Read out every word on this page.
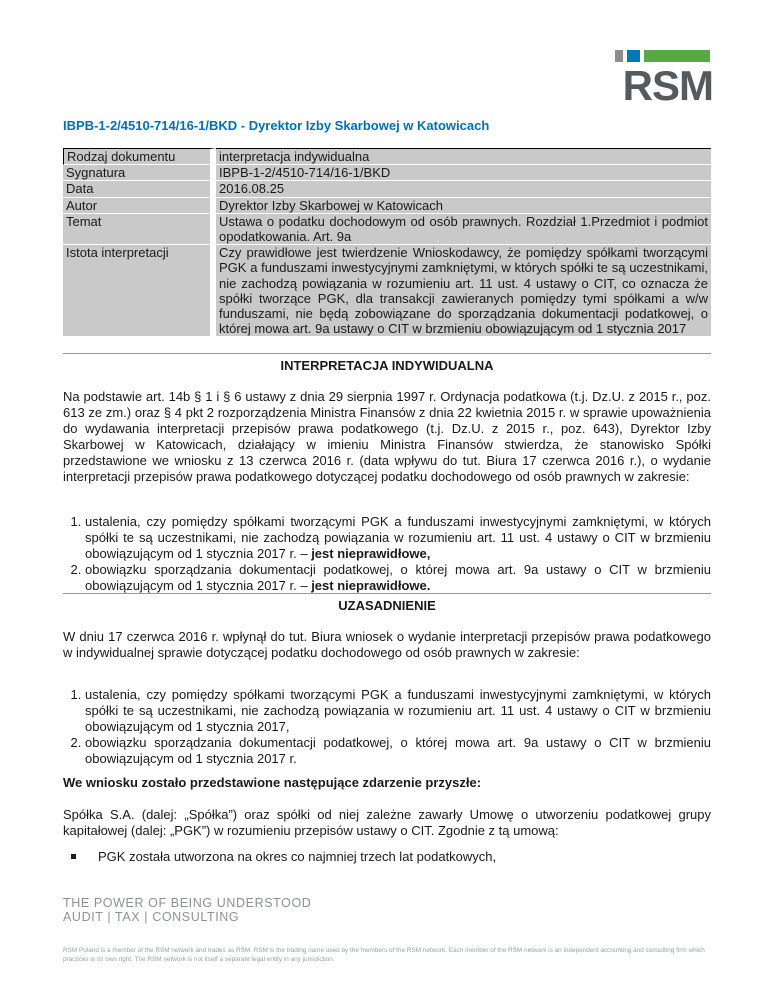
RSM
IBPB-1-2/4510-714/16-1/BKD - Dyrektor Izby Skarbowej w Katowicach
Rodzaj dokumentu	interpretacja indywidualna
Sygnatura	IBPB-1-2/4510-714/16-1/BKD
Data	2016.08.25
Autor	Dyrektor Izby Skarbowej w Katowicach
Temat	Ustawa o podatku dochodowym od osób prawnych. Rozdział 1.Przedmiot i podmiot opodatkowania. Art. 9a
Istota interpretacji	Czy prawidłowe jest twierdzenie Wnioskodawcy, że pomiędzy spółkami tworzącymi PGK a funduszami inwestycyjnymi zamkniętymi, w których spółki te są uczestnikami, nie zachodzą powiązania w rozumieniu art. 11 ust. 4 ustawy o CIT, co oznacza że spółki tworzące PGK, dla transakcji zawieranych pomiędzy tymi spółkami a w/w funduszami, nie będą zobowiązane do sporządzania dokumentacji podatkowej, o której mowa art. 9a ustawy o CIT w brzmieniu obowiązującym od 1 stycznia 2017
INTERPRETACJA INDYWIDUALNA
Na podstawie art. 14b § 1 i § 6 ustawy z dnia 29 sierpnia 1997 r. Ordynacja podatkowa (t.j. Dz.U. z 2015 r., poz. 613 ze zm.) oraz § 4 pkt 2 rozporządzenia Ministra Finansów z dnia 22 kwietnia 2015 r. w sprawie upoważnienia do wydawania interpretacji przepisów prawa podatkowego (t.j. Dz.U. z 2015 r., poz. 643), Dyrektor Izby Skarbowej w Katowicach, działający w imieniu Ministra Finansów stwierdza, że stanowisko Spółki przedstawione we wniosku z 13 czerwca 2016 r. (data wpływu do tut. Biura 17 czerwca 2016 r.), o wydanie interpretacji przepisów prawa podatkowego dotyczącej podatku dochodowego od osób prawnych w zakresie:
1. ustalenia, czy pomiędzy spółkami tworzącymi PGK a funduszami inwestycyjnymi zamkniętymi, w których spółki te są uczestnikami, nie zachodzą powiązania w rozumieniu art. 11 ust. 4 ustawy o CIT w brzmieniu obowiązującym od 1 stycznia 2017 r. – jest nieprawidłowe,
2. obowiązku sporządzania dokumentacji podatkowej, o której mowa art. 9a ustawy o CIT w brzmieniu obowiązującym od 1 stycznia 2017 r. – jest nieprawidłowe.
UZASADNIENIE
W dniu 17 czerwca 2016 r. wpłynął do tut. Biura wniosek o wydanie interpretacji przepisów prawa podatkowego w indywidualnej sprawie dotyczącej podatku dochodowego od osób prawnych w zakresie:
1. ustalenia, czy pomiędzy spółkami tworzącymi PGK a funduszami inwestycyjnymi zamkniętymi, w których spółki te są uczestnikami, nie zachodzą powiązania w rozumieniu art. 11 ust. 4 ustawy o CIT w brzmieniu obowiązującym od 1 stycznia 2017,
2. obowiązku sporządzania dokumentacji podatkowej, o której mowa art. 9a ustawy o CIT w brzmieniu obowiązującym od 1 stycznia 2017 r.
We wniosku zostało przedstawione następujące zdarzenie przyszłe:
Spółka S.A. (dalej: „Spółka”) oraz spółki od niej zależne zawarły Umowę o utworzeniu podatkowej grupy kapitałowej (dalej: „PGK”) w rozumieniu przepisów ustawy o CIT. Zgodnie z tą umową:
PGK została utworzona na okres co najmniej trzech lat podatkowych,
THE POWER OF BEING UNDERSTOOD
AUDIT | TAX | CONSULTING
RSM Poland is a member of the RSM network and trades as RSM. RSM is the trading name used by the members of the RSM network. Each member of the RSM network is an independent accounting and consulting firm which practices in its own right. The RSM network is not itself a separate legal entity in any jurisdiction.
